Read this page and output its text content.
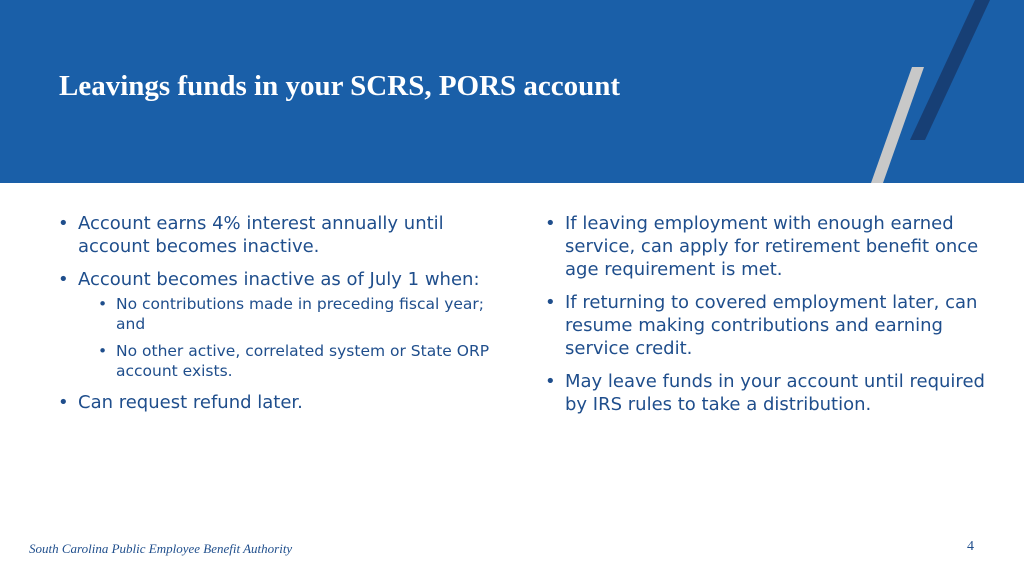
Leavings funds in your SCRS, PORS account
• Account earns 4% interest annually until account becomes inactive.
• Account becomes inactive as of July 1 when:
• No contributions made in preceding fiscal year; and
• No other active, correlated system or State ORP account exists.
• Can request refund later.
• If leaving employment with enough earned service, can apply for retirement benefit once age requirement is met.
• If returning to covered employment later, can resume making contributions and earning service credit.
• May leave funds in your account until required by IRS rules to take a distribution.
South Carolina Public Employee Benefit Authority	4
